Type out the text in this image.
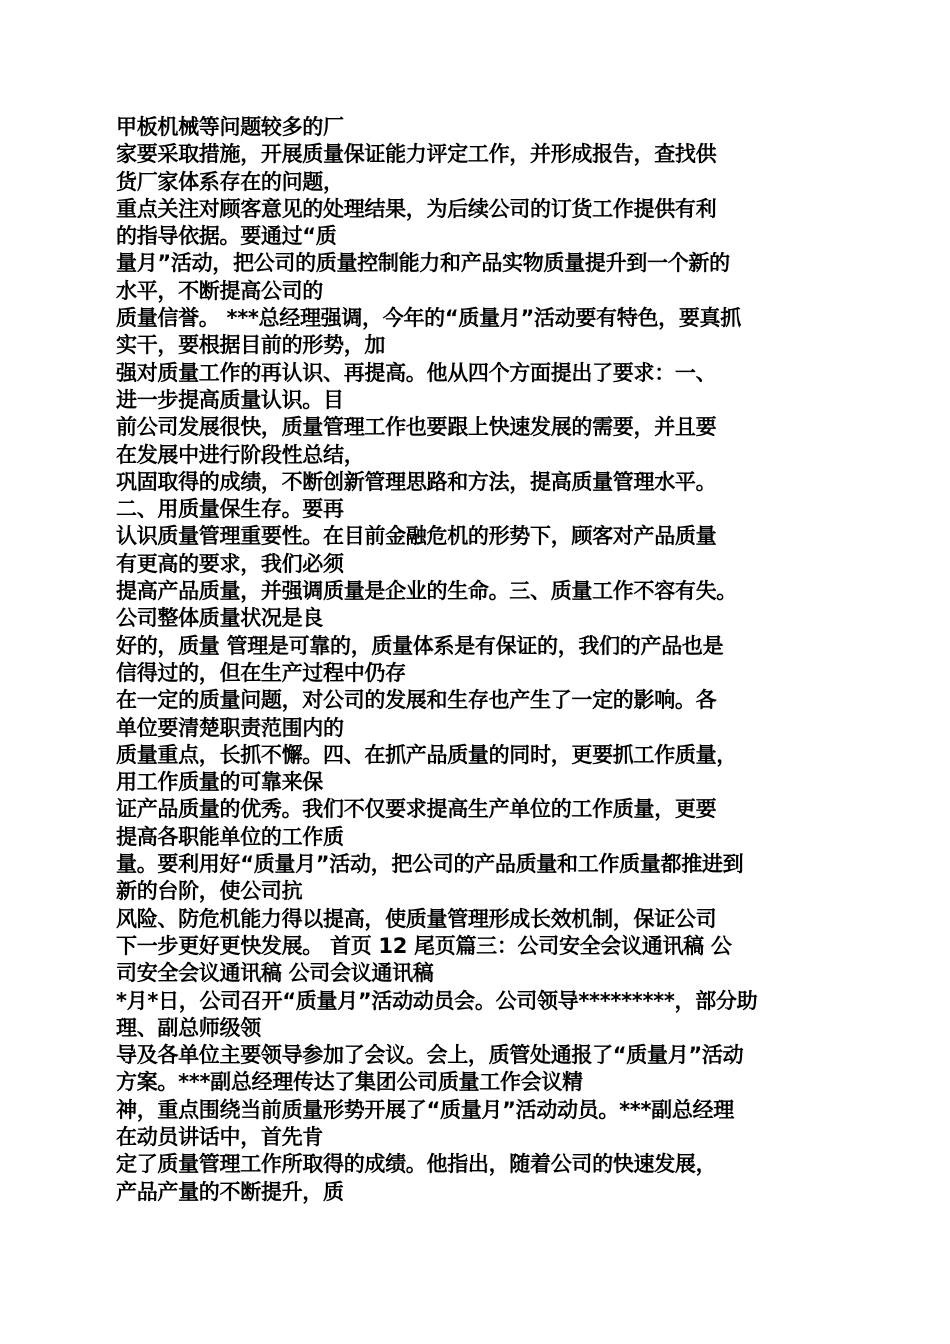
甲板机械等问题较多的厂
家要采取措施，开展质量保证能力评定工作，并形成报告，查找供
货厂家体系存在的问题，
重点关注对顾客意见的处理结果，为后续公司的订货工作提供有利
的指导依据。要通过“质
量月”活动，把公司的质量控制能力和产品实物质量提升到一个新的
水平，不断提高公司的
质量信誉。 ***总经理强调，今年的“质量月”活动要有特色，要真抓
实干，要根据目前的形势，加
强对质量工作的再认识、再提高。他从四个方面提出了要求：一、
进一步提高质量认识。目
前公司发展很快，质量管理工作也要跟上快速发展的需要，并且要
在发展中进行阶段性总结，
巩固取得的成绩，不断创新管理思路和方法，提高质量管理水平。
二、用质量保生存。要再
认识质量管理重要性。在目前金融危机的形势下，顾客对产品质量
有更高的要求，我们必须
提高产品质量，并强调质量是企业的生命。三、质量工作不容有失。
公司整体质量状况是良
好的，质量 管理是可靠的，质量体系是有保证的，我们的产品也是
信得过的，但在生产过程中仍存
在一定的质量问题，对公司的发展和生存也产生了一定的影响。各
单位要清楚职责范围内的
质量重点，长抓不懈。四、在抓产品质量的同时，更要抓工作质量，
用工作质量的可靠来保
证产品质量的优秀。我们不仅要求提高生产单位的工作质量，更要
提高各职能单位的工作质
量。要利用好“质量月”活动，把公司的产品质量和工作质量都推进到
新的台阶，使公司抗
风险、防危机能力得以提高，使质量管理形成长效机制，保证公司
下一步更好更快发展。 首页 12 尾页篇三：公司安全会议通讯稿 公
司安全会议通讯稿 公司会议通讯稿
*月*日，公司召开“质量月”活动动员会。公司领导*********，部分助
理、副总师级领
导及各单位主要领导参加了会议。会上，质管处通报了“质量月”活动
方案。***副总经理传达了集团公司质量工作会议精
神，重点围绕当前质量形势开展了“质量月”活动动员。***副总经理
在动员讲话中，首先肯
定了质量管理工作所取得的成绩。他指出，随着公司的快速发展，
产品产量的不断提升，质
